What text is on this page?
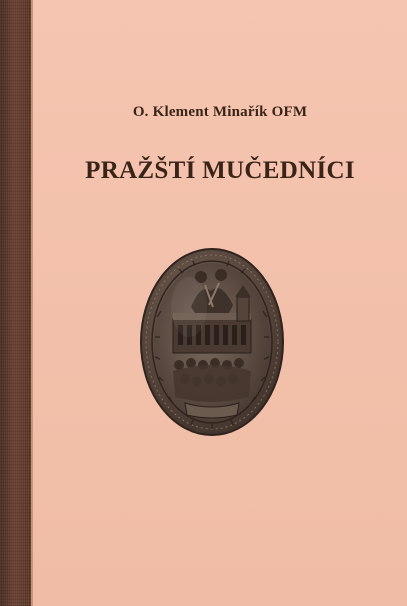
O. Klement Minařík OFM
PRAŽŠTÍ MUČEDNÍCI
